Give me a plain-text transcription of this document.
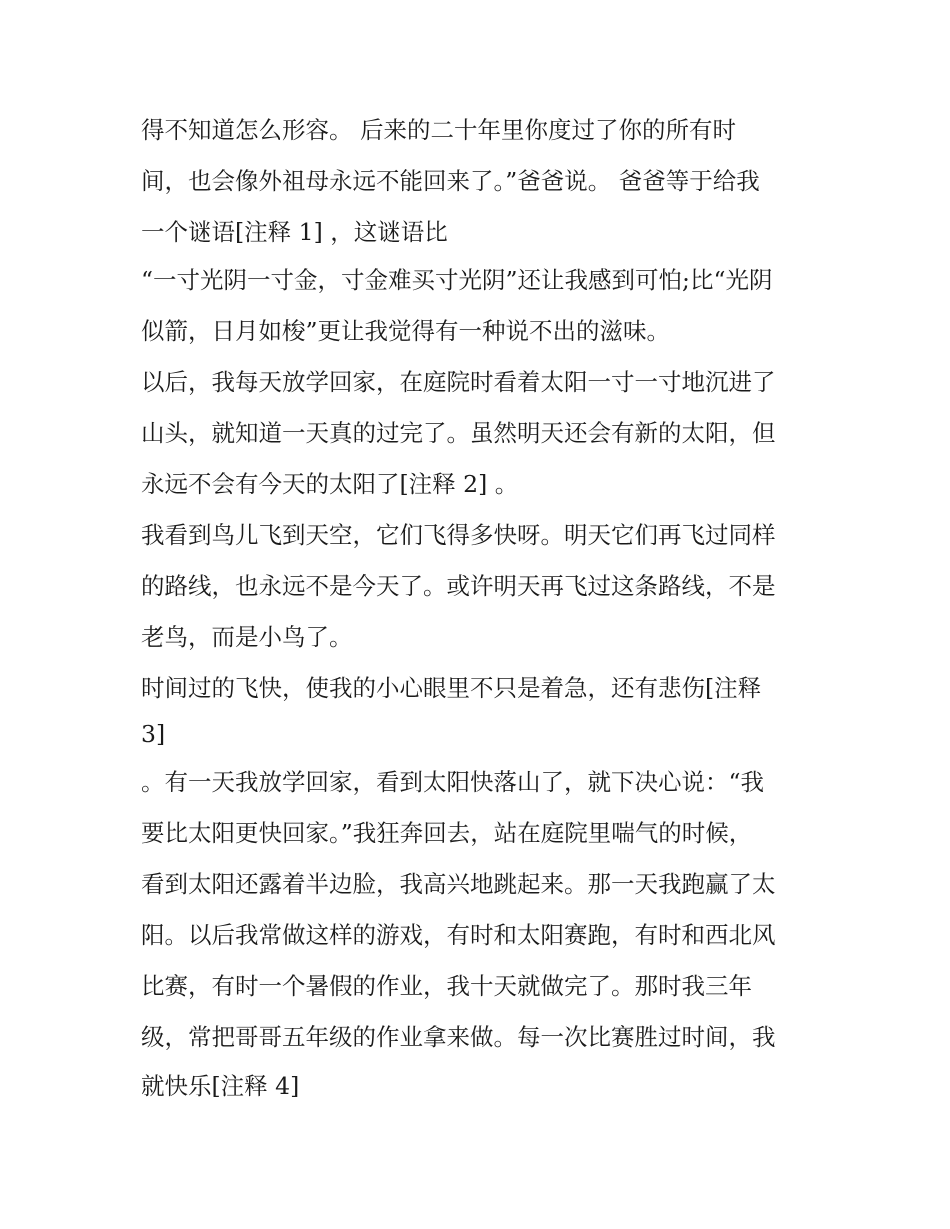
得不知道怎么形容。 后来的二十年里你度过了你的所有时
间，也会像外祖母永远不能回来了。”爸爸说。 爸爸等于给我
一个谜语[注释 1] ，这谜语比
“一寸光阴一寸金，寸金难买寸光阴”还让我感到可怕;比“光阴
似箭，日月如梭”更让我觉得有一种说不出的滋味。
以后，我每天放学回家，在庭院时看着太阳一寸一寸地沉进了
山头，就知道一天真的过完了。虽然明天还会有新的太阳，但
永远不会有今天的太阳了[注释 2] 。
我看到鸟儿飞到天空，它们飞得多快呀。明天它们再飞过同样
的路线，也永远不是今天了。或许明天再飞过这条路线，不是
老鸟，而是小鸟了。
时间过的飞快，使我的小心眼里不只是着急，还有悲伤[注释
3]
。有一天我放学回家，看到太阳快落山了，就下决心说：“我
要比太阳更快回家。”我狂奔回去，站在庭院里喘气的时候，
看到太阳还露着半边脸，我高兴地跳起来。那一天我跑赢了太
阳。以后我常做这样的游戏，有时和太阳赛跑，有时和西北风
比赛，有时一个暑假的作业，我十天就做完了。那时我三年
级，常把哥哥五年级的作业拿来做。每一次比赛胜过时间，我
就快乐[注释 4]
